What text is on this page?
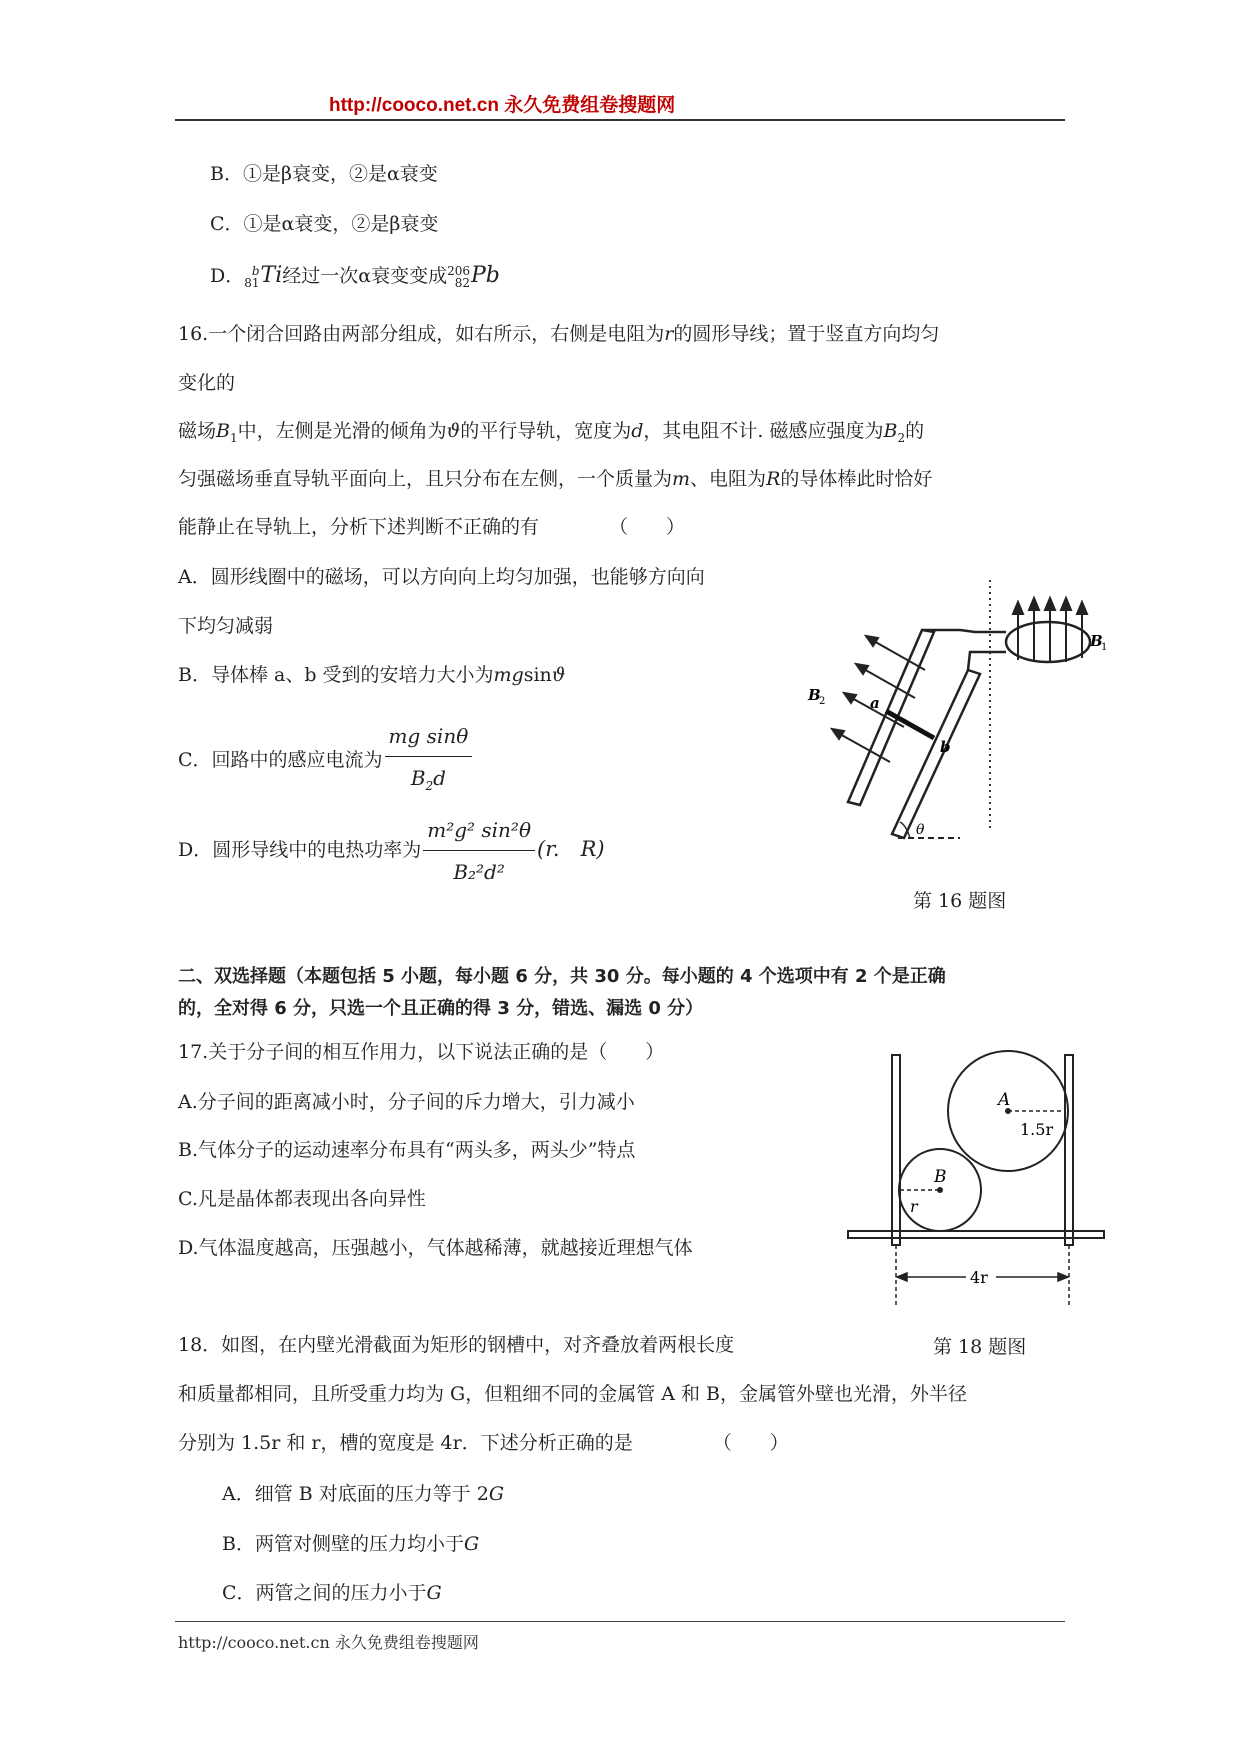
http://cooco.net.cn 永久免费组卷搜题网
B．①是β衰变，②是α衰变
C．①是α衰变，②是β衰变
D． b
81 Ti经过一次α衰变变成 206
82 Pb
16.一个闭合回路由两部分组成，如右所示，右侧是电阻为r的圆形导线；置于竖直方向均匀
变化的
磁场$B_1$中，左侧是光滑的倾角为ϑ的平行导轨，宽度为d，其电阻不计. 磁感应强度为$B_2$的
匀强磁场垂直导轨平面向上，且只分布在左侧，一个质量为m、电阻为R的导体棒此时恰好
能静止在导轨上，分析下述判断不正确的有	（　　）
A．圆形线圈中的磁场，可以方向向上均匀加强，也能够方向向
下均匀减弱
B．导体棒 a、b 受到的安培力大小为mgsinϑ
C．回路中的感应电流为 $\frac{\text{mg sinθ}}{B_2d}$
D．圆形导线中的电热功率为 $\frac{\text{m²g² sin²θ}}{\text{B₂²d²}} (r$.　R)
B
1
B
2	a
b
θ
第 16 题图
二、双选择题（本题包括 5 小题，每小题 6 分，共 30 分。每小题的 4 个选项中有 2 个是正确
的，全对得 6 分，只选一个且正确的得 3 分，错选、漏选 0 分）
17.关于分子间的相互作用力，以下说法正确的是（　　）
A.分子间的距离减小时，分子间的斥力增大，引力减小
B.气体分子的运动速率分布具有“两头多，两头少”特点
C.凡是晶体都表现出各向异性
D.气体温度越高，压强越小，气体越稀薄，就越接近理想气体
A
1.5r
B
r
4r
18．如图，在内壁光滑截面为矩形的钢槽中，对齐叠放着两根长度	第 18 题图
和质量都相同，且所受重力均为 G，但粗细不同的金属管 A 和 B，金属管外壁也光滑，外半径
分别为 1.5r 和 r，槽的宽度是 4r．下述分析正确的是	（　　）
A．细管 B 对底面的压力等于 2G
B．两管对侧壁的压力均小于G
C．两管之间的压力小于G
http://cooco.net.cn 永久免费组卷搜题网
